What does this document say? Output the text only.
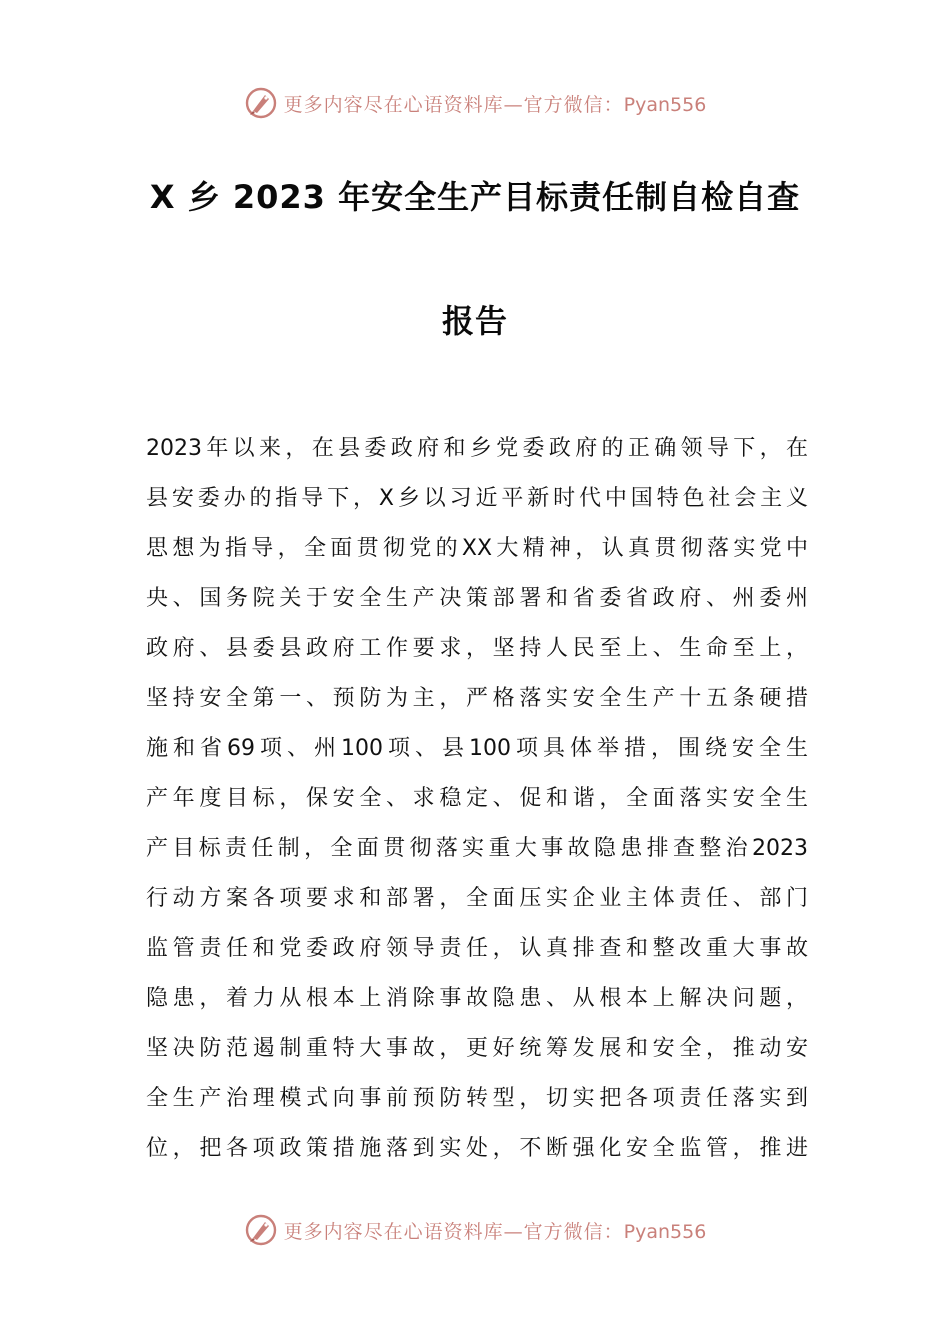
更多内容尽在心语资料库—官方微信：Pyan556
X 乡 2023 年安全生产目标责任制自检自查
报告
2023年以来，在县委政府和乡党委政府的正确领导下，在
县安委办的指导下，X乡以习近平新时代中国特色社会主义
思想为指导，全面贯彻党的XX大精神，认真贯彻落实党中
央、国务院关于安全生产决策部署和省委省政府、州委州
政府、县委县政府工作要求，坚持人民至上、生命至上，
坚持安全第一、预防为主，严格落实安全生产十五条硬措
施和省69项、州100项、县100项具体举措，围绕安全生
产年度目标，保安全、求稳定、促和谐，全面落实安全生
产目标责任制，全面贯彻落实重大事故隐患排查整治2023
行动方案各项要求和部署，全面压实企业主体责任、部门
监管责任和党委政府领导责任，认真排查和整改重大事故
隐患，着力从根本上消除事故隐患、从根本上解决问题，
坚决防范遏制重特大事故，更好统筹发展和安全，推动安
全生产治理模式向事前预防转型，切实把各项责任落实到
位，把各项政策措施落到实处，不断强化安全监管，推进
更多内容尽在心语资料库—官方微信：Pyan556
